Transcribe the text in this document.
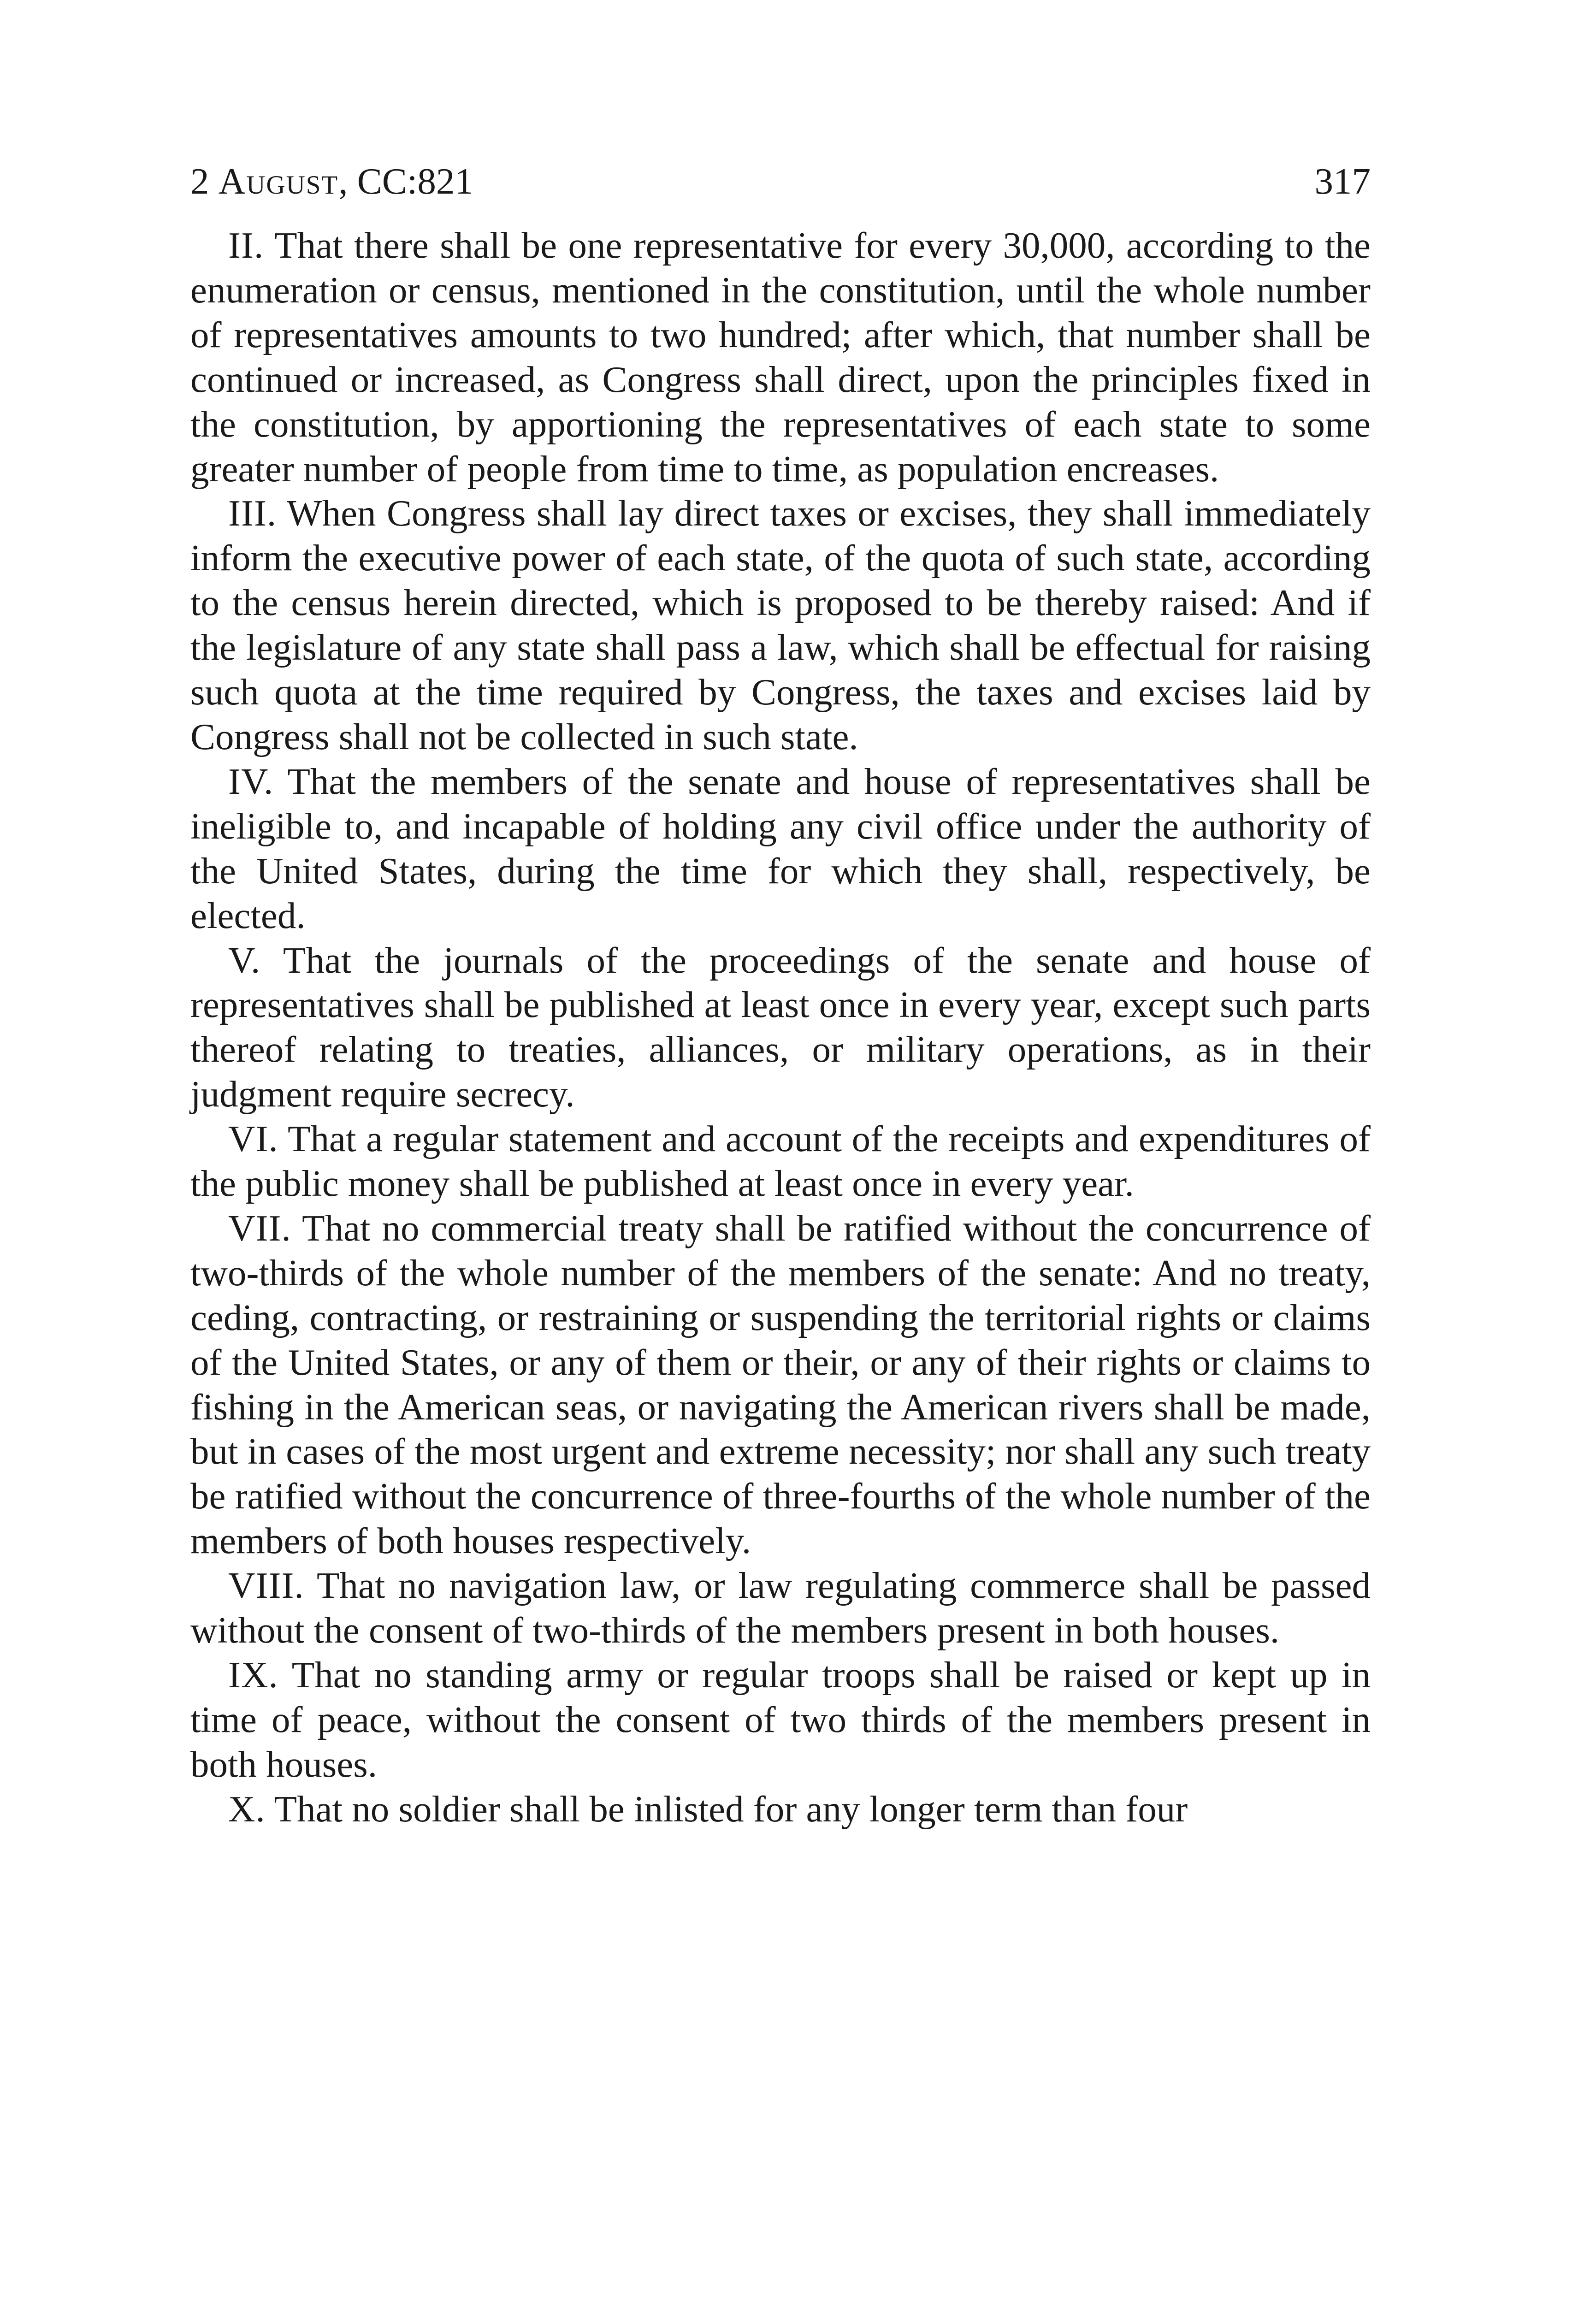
2 August, CC:821	317

II. That there shall be one representative for every 30,000, according to the enumeration or census, mentioned in the constitution, until the whole number of representatives amounts to two hundred; after which, that number shall be continued or increased, as Congress shall direct, upon the principles fixed in the constitution, by apportioning the representatives of each state to some greater number of people from time to time, as population encreases.

III. When Congress shall lay direct taxes or excises, they shall immediately inform the executive power of each state, of the quota of such state, according to the census herein directed, which is proposed to be thereby raised: And if the legislature of any state shall pass a law, which shall be effectual for raising such quota at the time required by Congress, the taxes and excises laid by Congress shall not be collected in such state.

IV. That the members of the senate and house of representatives shall be ineligible to, and incapable of holding any civil office under the authority of the United States, during the time for which they shall, respectively, be elected.

V. That the journals of the proceedings of the senate and house of representatives shall be published at least once in every year, except such parts thereof relating to treaties, alliances, or military operations, as in their judgment require secrecy.

VI. That a regular statement and account of the receipts and expenditures of the public money shall be published at least once in every year.

VII. That no commercial treaty shall be ratified without the concurrence of two-thirds of the whole number of the members of the senate: And no treaty, ceding, contracting, or restraining or suspending the territorial rights or claims of the United States, or any of them or their, or any of their rights or claims to fishing in the American seas, or navigating the American rivers shall be made, but in cases of the most urgent and extreme necessity; nor shall any such treaty be ratified without the concurrence of three-fourths of the whole number of the members of both houses respectively.

VIII. That no navigation law, or law regulating commerce shall be passed without the consent of two-thirds of the members present in both houses.

IX. That no standing army or regular troops shall be raised or kept up in time of peace, without the consent of two thirds of the members present in both houses.

X. That no soldier shall be inlisted for any longer term than four
